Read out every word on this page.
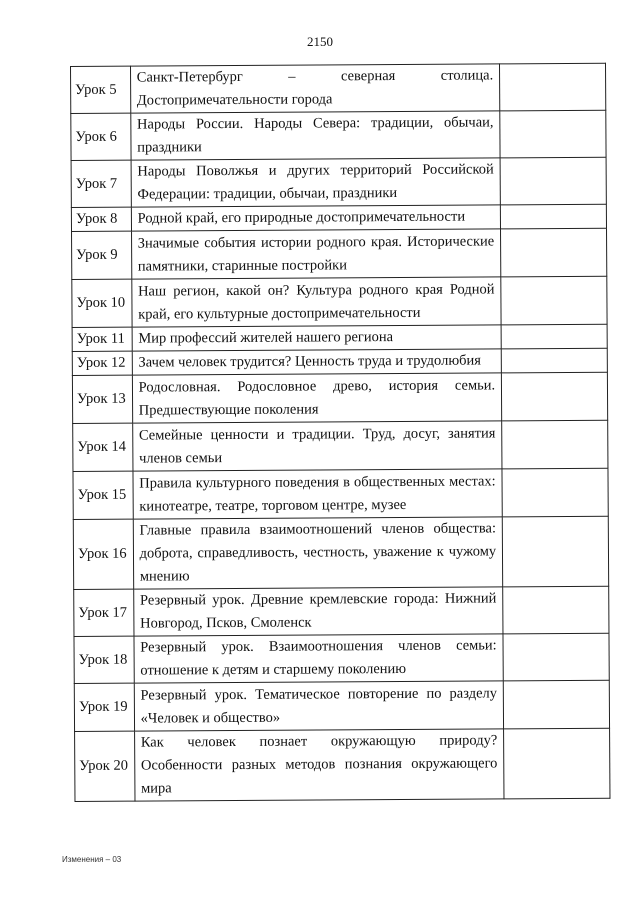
2150
Урок 5	Санкт-Петербург – северная столица. Достопримечательности города	
Урок 6	Народы России. Народы Севера: традиции, обычаи, праздники	
Урок 7	Народы Поволжья и других территорий Российской Федерации: традиции, обычаи, праздники	
Урок 8	Родной край, его природные достопримечательности	
Урок 9	Значимые события истории родного края. Исторические памятники, старинные постройки	
Урок 10	Наш регион, какой он? Культура родного края Родной край, его культурные достопримечательности	
Урок 11	Мир профессий жителей нашего региона	
Урок 12	Зачем человек трудится? Ценность труда и трудолюбия	
Урок 13	Родословная. Родословное древо, история семьи. Предшествующие поколения	
Урок 14	Семейные ценности и традиции. Труд, досуг, занятия членов семьи	
Урок 15	Правила культурного поведения в общественных местах: кинотеатре, театре, торговом центре, музее	
Урок 16	Главные правила взаимоотношений членов общества: доброта, справедливость, честность, уважение к чужому мнению	
Урок 17	Резервный урок. Древние кремлевские города: Нижний Новгород, Псков, Смоленск	
Урок 18	Резервный урок. Взаимоотношения членов семьи: отношение к детям и старшему поколению	
Урок 19	Резервный урок. Тематическое повторение по разделу «Человек и общество»	
Урок 20	Как человек познает окружающую природу? Особенности разных методов познания окружающего мира	
Изменения – 03
